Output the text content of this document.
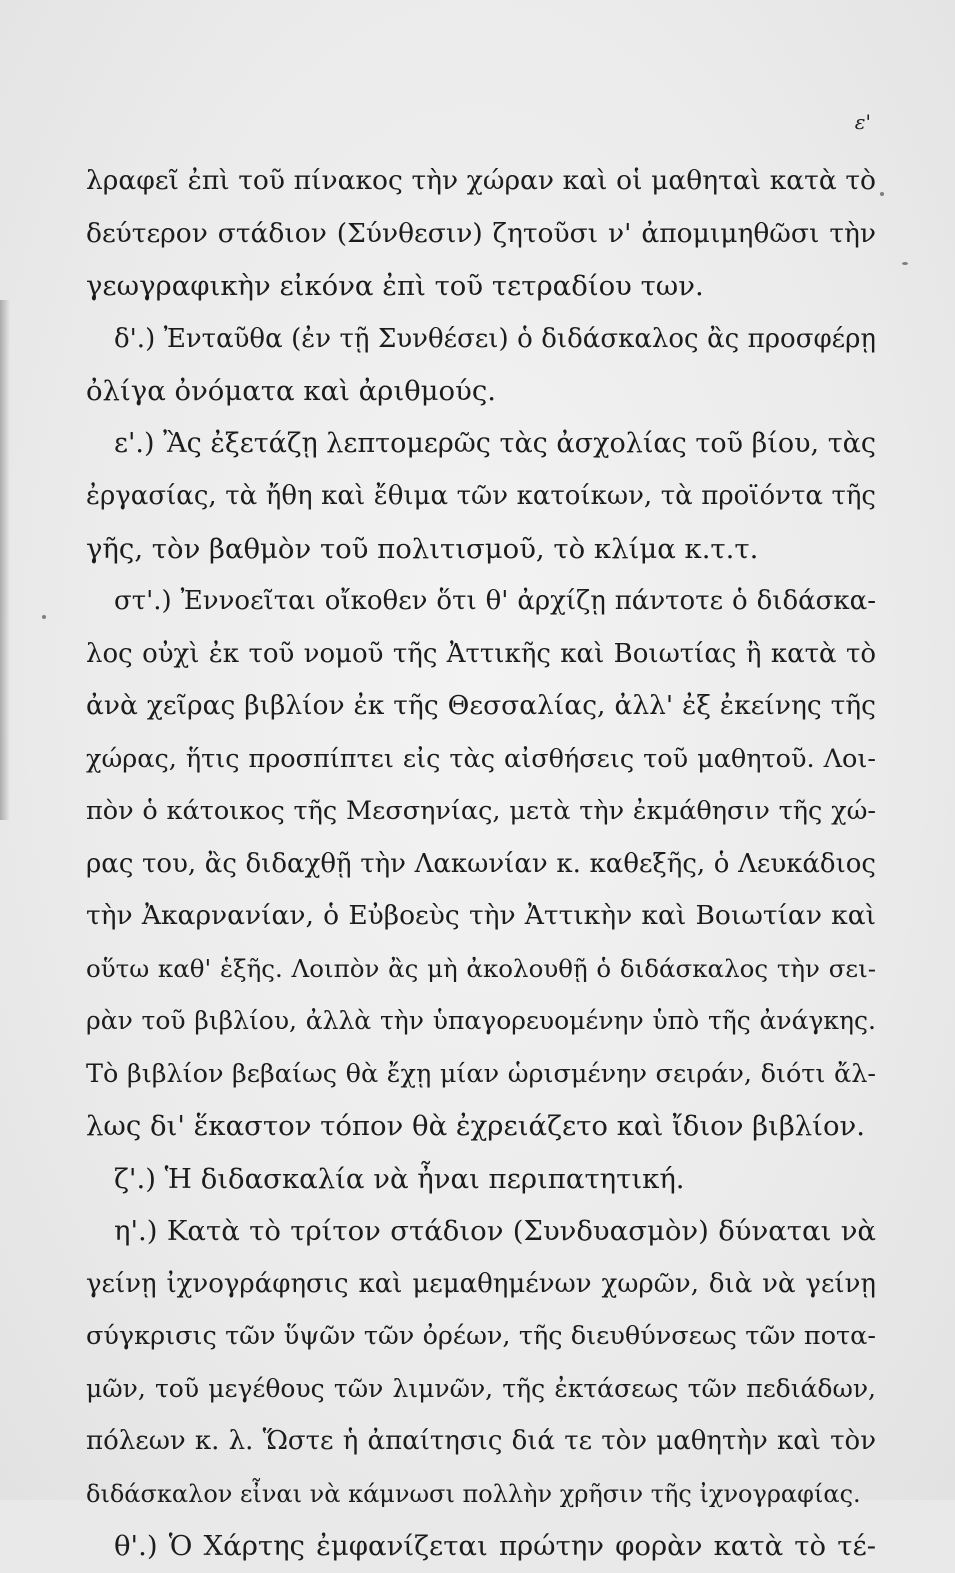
ε'
λραφεῖ ἐπὶ τοῦ πίνακος τὴν χώραν καὶ οἱ μαθηταὶ κατὰ τὸ
δεύτερον στάδιον (Σύνθεσιν) ζητοῦσι ν' ἀπομιμηθῶσι τὴν
γεωγραφικὴν εἰκόνα ἐπὶ τοῦ τετραδίου των.
δ'.) Ἐνταῦθα (ἐν τῇ Συνθέσει) ὁ διδάσκαλος ἂς προσφέρῃ
ὀλίγα ὀνόματα καὶ ἀριθμούς.
ε'.) Ἂς ἐξετάζῃ λεπτομερῶς τὰς ἀσχολίας τοῦ βίου, τὰς
ἐργασίας, τὰ ἤθη καὶ ἔθιμα τῶν κατοίκων, τὰ προϊόντα τῆς
γῆς, τὸν βαθμὸν τοῦ πολιτισμοῦ, τὸ κλίμα κ.τ.τ.
στ'.) Ἐννοεῖται οἴκοθεν ὅτι θ' ἀρχίζῃ πάντοτε ὁ διδάσκα-
λος οὐχὶ ἐκ τοῦ νομοῦ τῆς Ἀττικῆς καὶ Βοιωτίας ἢ κατὰ τὸ
ἀνὰ χεῖρας βιβλίον ἐκ τῆς Θεσσαλίας, ἀλλ' ἐξ ἐκείνης τῆς
χώρας, ἥτις προσπίπτει εἰς τὰς αἰσθήσεις τοῦ μαθητοῦ. Λοι-
πὸν ὁ κάτοικος τῆς Μεσσηνίας, μετὰ τὴν ἐκμάθησιν τῆς χώ-
ρας του, ἂς διδαχθῇ τὴν Λακωνίαν κ. καθεξῆς, ὁ Λευκάδιος
τὴν Ἀκαρνανίαν, ὁ Εὐβοεὺς τὴν Ἀττικὴν καὶ Βοιωτίαν καὶ
οὕτω καθ' ἑξῆς. Λοιπὸν ἂς μὴ ἀκολουθῇ ὁ διδάσκαλος τὴν σει-
ρὰν τοῦ βιβλίου, ἀλλὰ τὴν ὑπαγορευομένην ὑπὸ τῆς ἀνάγκης.
Τὸ βιβλίον βεβαίως θὰ ἔχῃ μίαν ὡρισμένην σειράν, διότι ἄλ-
λως δι' ἕκαστον τόπον θὰ ἐχρειάζετο καὶ ἴδιον βιβλίον.
ζ'.) Ἡ διδασκαλία νὰ ἦναι περιπατητική.
η'.) Κατὰ τὸ τρίτον στάδιον (Συνδυασμὸν) δύναται νὰ
γείνῃ ἰχνογράφησις καὶ μεμαθημένων χωρῶν, διὰ νὰ γείνῃ
σύγκρισις τῶν ὕψῶν τῶν ὀρέων, τῆς διευθύνσεως τῶν ποτα-
μῶν, τοῦ μεγέθους τῶν λιμνῶν, τῆς ἐκτάσεως τῶν πεδιάδων,
πόλεων κ. λ. Ὥστε ἡ ἀπαίτησις διά τε τὸν μαθητὴν καὶ τὸν
διδάσκαλον εἶναι νὰ κάμνωσι πολλὴν χρῆσιν τῆς ἰχνογραφίας.
θ'.) Ὁ Χάρτης ἐμφανίζεται πρώτην φορὰν κατὰ τὸ τέ-
